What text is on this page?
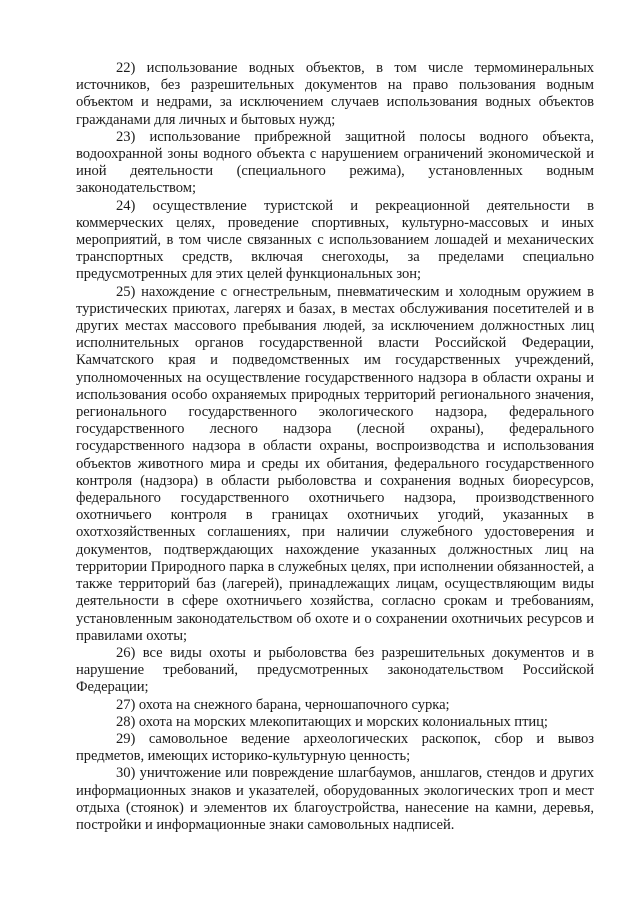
22) использование водных объектов, в том числе термоминеральных источников, без разрешительных документов на право пользования водным объектом и недрами, за исключением случаев использования водных объектов гражданами для личных и бытовых нужд;

23) использование прибрежной защитной полосы водного объекта, водоохранной зоны водного объекта с нарушением ограничений экономической и иной деятельности (специального режима), установленных водным законодательством;

24) осуществление туристской и рекреационной деятельности в коммерческих целях, проведение спортивных, культурно-массовых и иных мероприятий, в том числе связанных с использованием лошадей и механических транспортных средств, включая снегоходы, за пределами специально предусмотренных для этих целей функциональных зон;

25) нахождение с огнестрельным, пневматическим и холодным оружием в туристических приютах, лагерях и базах, в местах обслуживания посетителей и в других местах массового пребывания людей, за исключением должностных лиц исполнительных органов государственной власти Российской Федерации, Камчатского края и подведомственных им государственных учреждений, уполномоченных на осуществление государственного надзора в области охраны и использования особо охраняемых природных территорий регионального значения, регионального государственного экологического надзора, федерального государственного лесного надзора (лесной охраны), федерального государственного надзора в области охраны, воспроизводства и использования объектов животного мира и среды их обитания, федерального государственного контроля (надзора) в области рыболовства и сохранения водных биоресурсов, федерального государственного охотничьего надзора, производственного охотничьего контроля в границах охотничьих угодий, указанных в охотхозяйственных соглашениях, при наличии служебного удостоверения и документов, подтверждающих нахождение указанных должностных лиц на территории Природного парка в служебных целях, при исполнении обязанностей, а также территорий баз (лагерей), принадлежащих лицам, осуществляющим виды деятельности в сфере охотничьего хозяйства, согласно срокам и требованиям, установленным законодательством об охоте и о сохранении охотничьих ресурсов и правилами охоты;

26) все виды охоты и рыболовства без разрешительных документов и в нарушение требований, предусмотренных законодательством Российской Федерации;

27) охота на снежного барана, черношапочного сурка;

28) охота на морских млекопитающих и морских колониальных птиц;

29) самовольное ведение археологических раскопок, сбор и вывоз предметов, имеющих историко-культурную ценность;

30) уничтожение или повреждение шлагбаумов, аншлагов, стендов и других информационных знаков и указателей, оборудованных экологических троп и мест отдыха (стоянок) и элементов их благоустройства, нанесение на камни, деревья, постройки и информационные знаки самовольных надписей.
